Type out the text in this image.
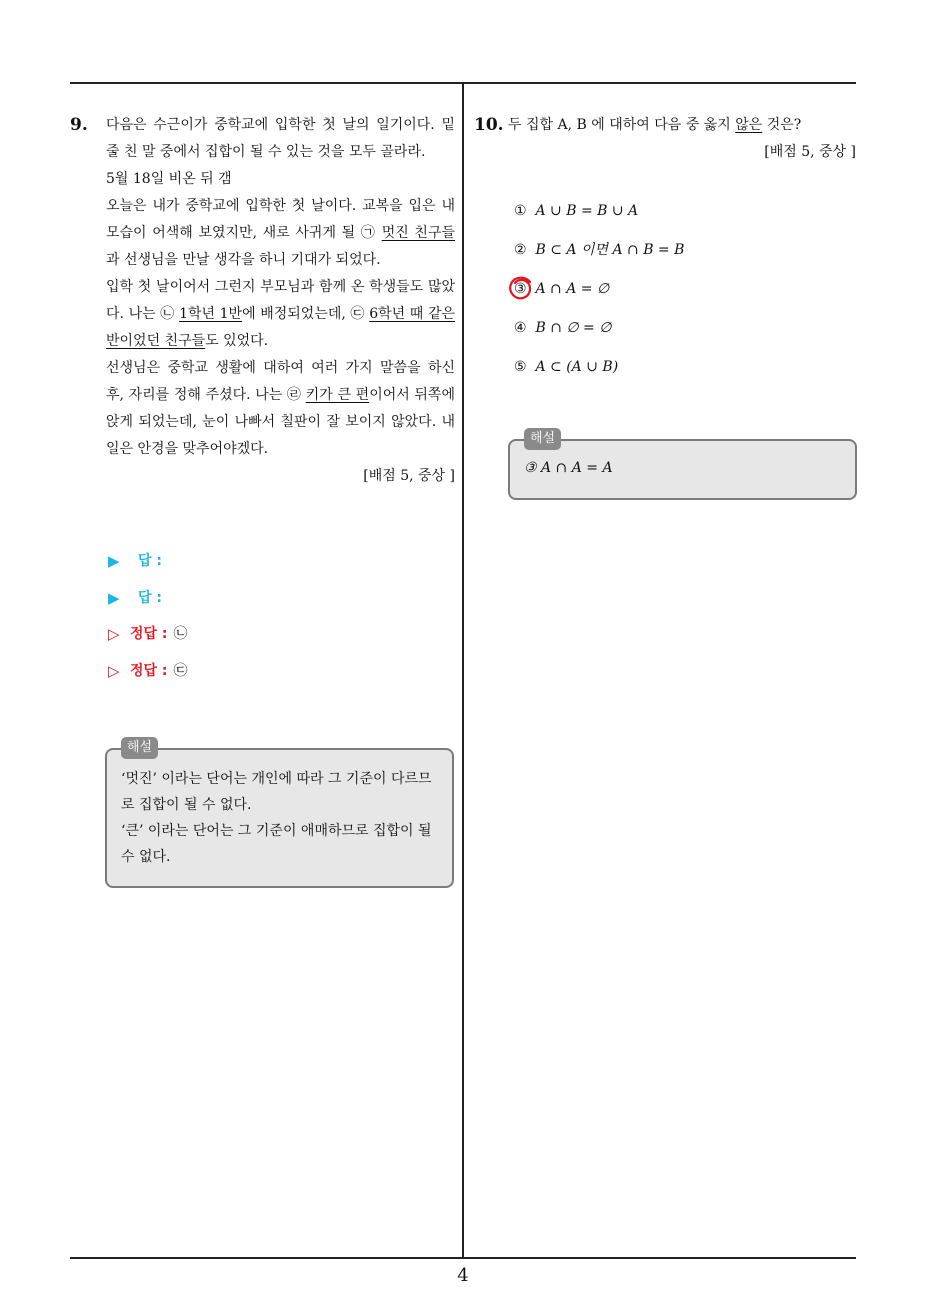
9. 다음은 수근이가 중학교에 입학한 첫 날의 일기이다. 밑 줄 친 말 중에서 집합이 될 수 있는 것을 모두 골라라.

5월 18일 비온 뒤 갬

오늘은 내가 중학교에 입학한 첫 날이다. 교복을 입은 내 모습이 어색해 보였지만, 새로 사귀게 될 ㉠ 멋진 친구들과 선생님을 만날 생각을 하니 기대가 되었다.

입학 첫 날이어서 그런지 부모님과 함께 온 학생들도 많았다. 나는 ㉡ 1학년 1반에 배정되었는데, ㉢ 6학년 때 같은 반이었던 친구들도 있었다.

선생님은 중학교 생활에 대하여 여러 가지 말씀을 하신 후, 자리를 정해 주셨다. 나는 ㉣ 키가 큰 편이어서 뒤쪽에 앉게 되었는데, 눈이 나빠서 칠판이 잘 보이지 않았다. 내일은 안경을 맞추어야겠다.

[배점 5, 중상 ]

▶	답 :
▶	답 :
▷ 정답 : ㉡
▷ 정답 : ㉢
해설
‘멋진’ 이라는 단어는 개인에 따라 그 기준이 다르므로 집합이 될 수 없다.
‘큰’ 이라는 단어는 그 기준이 애매하므로 집합이 될 수 없다.
10. 두 집합 A, B 에 대하여 다음 중 옳지 않은 것은?
[배점 5, 중상 ]
① A ∪ B = B ∪ A
② B ⊂ A 이면 A ∩ B = B
③ A ∩ A = ∅
④ B ∩ ∅ = ∅
⑤ A ⊂ (A ∪ B)
해설
③ A ∩ A = A
4
